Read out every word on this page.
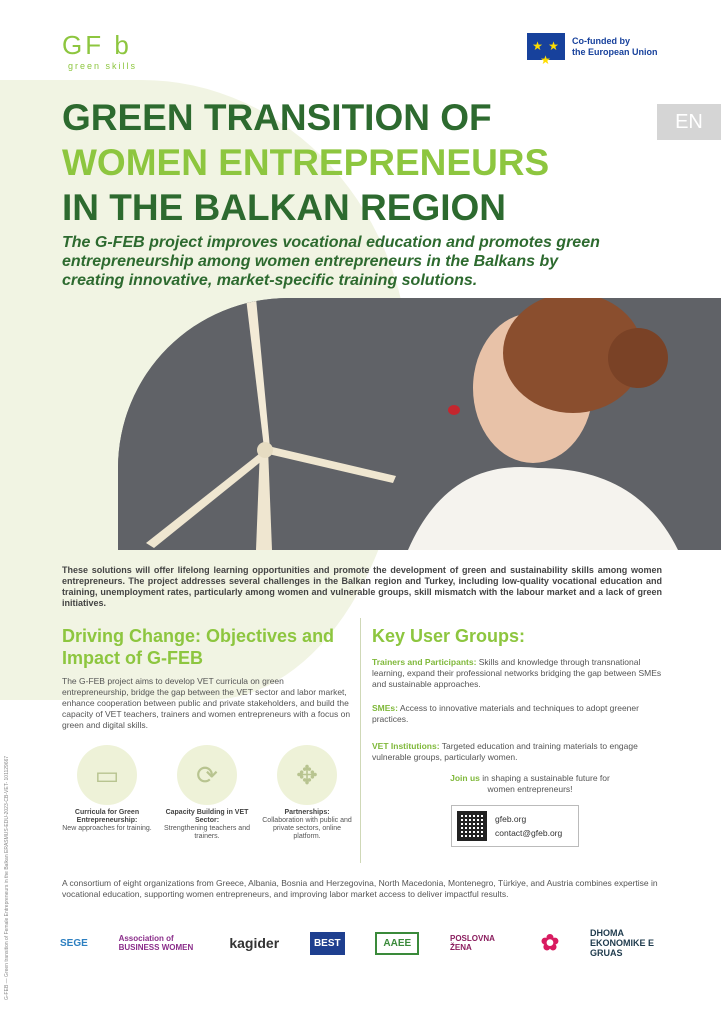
GF b
green skills
★ ★ ★
Co-funded by
the European Union
EN
GREEN TRANSITION OF
WOMEN ENTREPRENEURS
IN THE BALKAN REGION

The G-FEB project improves vocational education and promotes green entrepreneurship among women entrepreneurs in the Balkans by creating innovative, market-specific training solutions.

These solutions will offer lifelong learning opportunities and promote the development of green and sustainability skills among women entrepreneurs. The project addresses several challenges in the Balkan region and Turkey, including low-quality vocational education and training, unemployment rates, particularly among women and vulnerable groups, skill mismatch with the labour market and a lack of green initiatives.

Driving Change: Objectives and Impact of G-FEB

The G-FEB project aims to develop VET curricula on green entrepreneurship, bridge the gap between the VET sector and labor market, enhance cooperation between public and private stakeholders, and build the capacity of VET teachers, trainers and women entrepreneurs with a focus on green and digital skills.

▭
Curricula for Green Entrepreneurship:
New approaches for training.
⟳
Capacity Building in VET Sector:
Strengthening teachers and trainers.
✥
Partnerships:
Collaboration with public and private sectors, online platform.
Key User Groups:

Trainers and Participants: Skills and knowledge through transnational learning, expand their professional networks bridging the gap between SMEs and sustainable approaches.

SMEs: Access to innovative materials and techniques to adopt greener practices.

VET Institutions: Targeted education and training materials to engage vulnerable groups, particularly women.

Join us in shaping a sustainable future for women entrepreneurs!

gfeb.org
contact@gfeb.org

A consortium of eight organizations from Greece, Albania, Bosnia and Herzegovina, North Macedonia, Montenegro, Türkiye, and Austria combines expertise in vocational education, supporting women entrepreneurs, and improving labor market access to deliver impactful results.

SEGE	Association of BUSINESS WOMEN	kagider	BEST	AAEE	POSLOVNA ŽENA	✿	DHOMA EKONOMIKE E GRUAS
G-FEB — Green transition of Female Entrepreneurs in the Balkan ERASMUS-EDU-2023-CB-VET- 101129667
